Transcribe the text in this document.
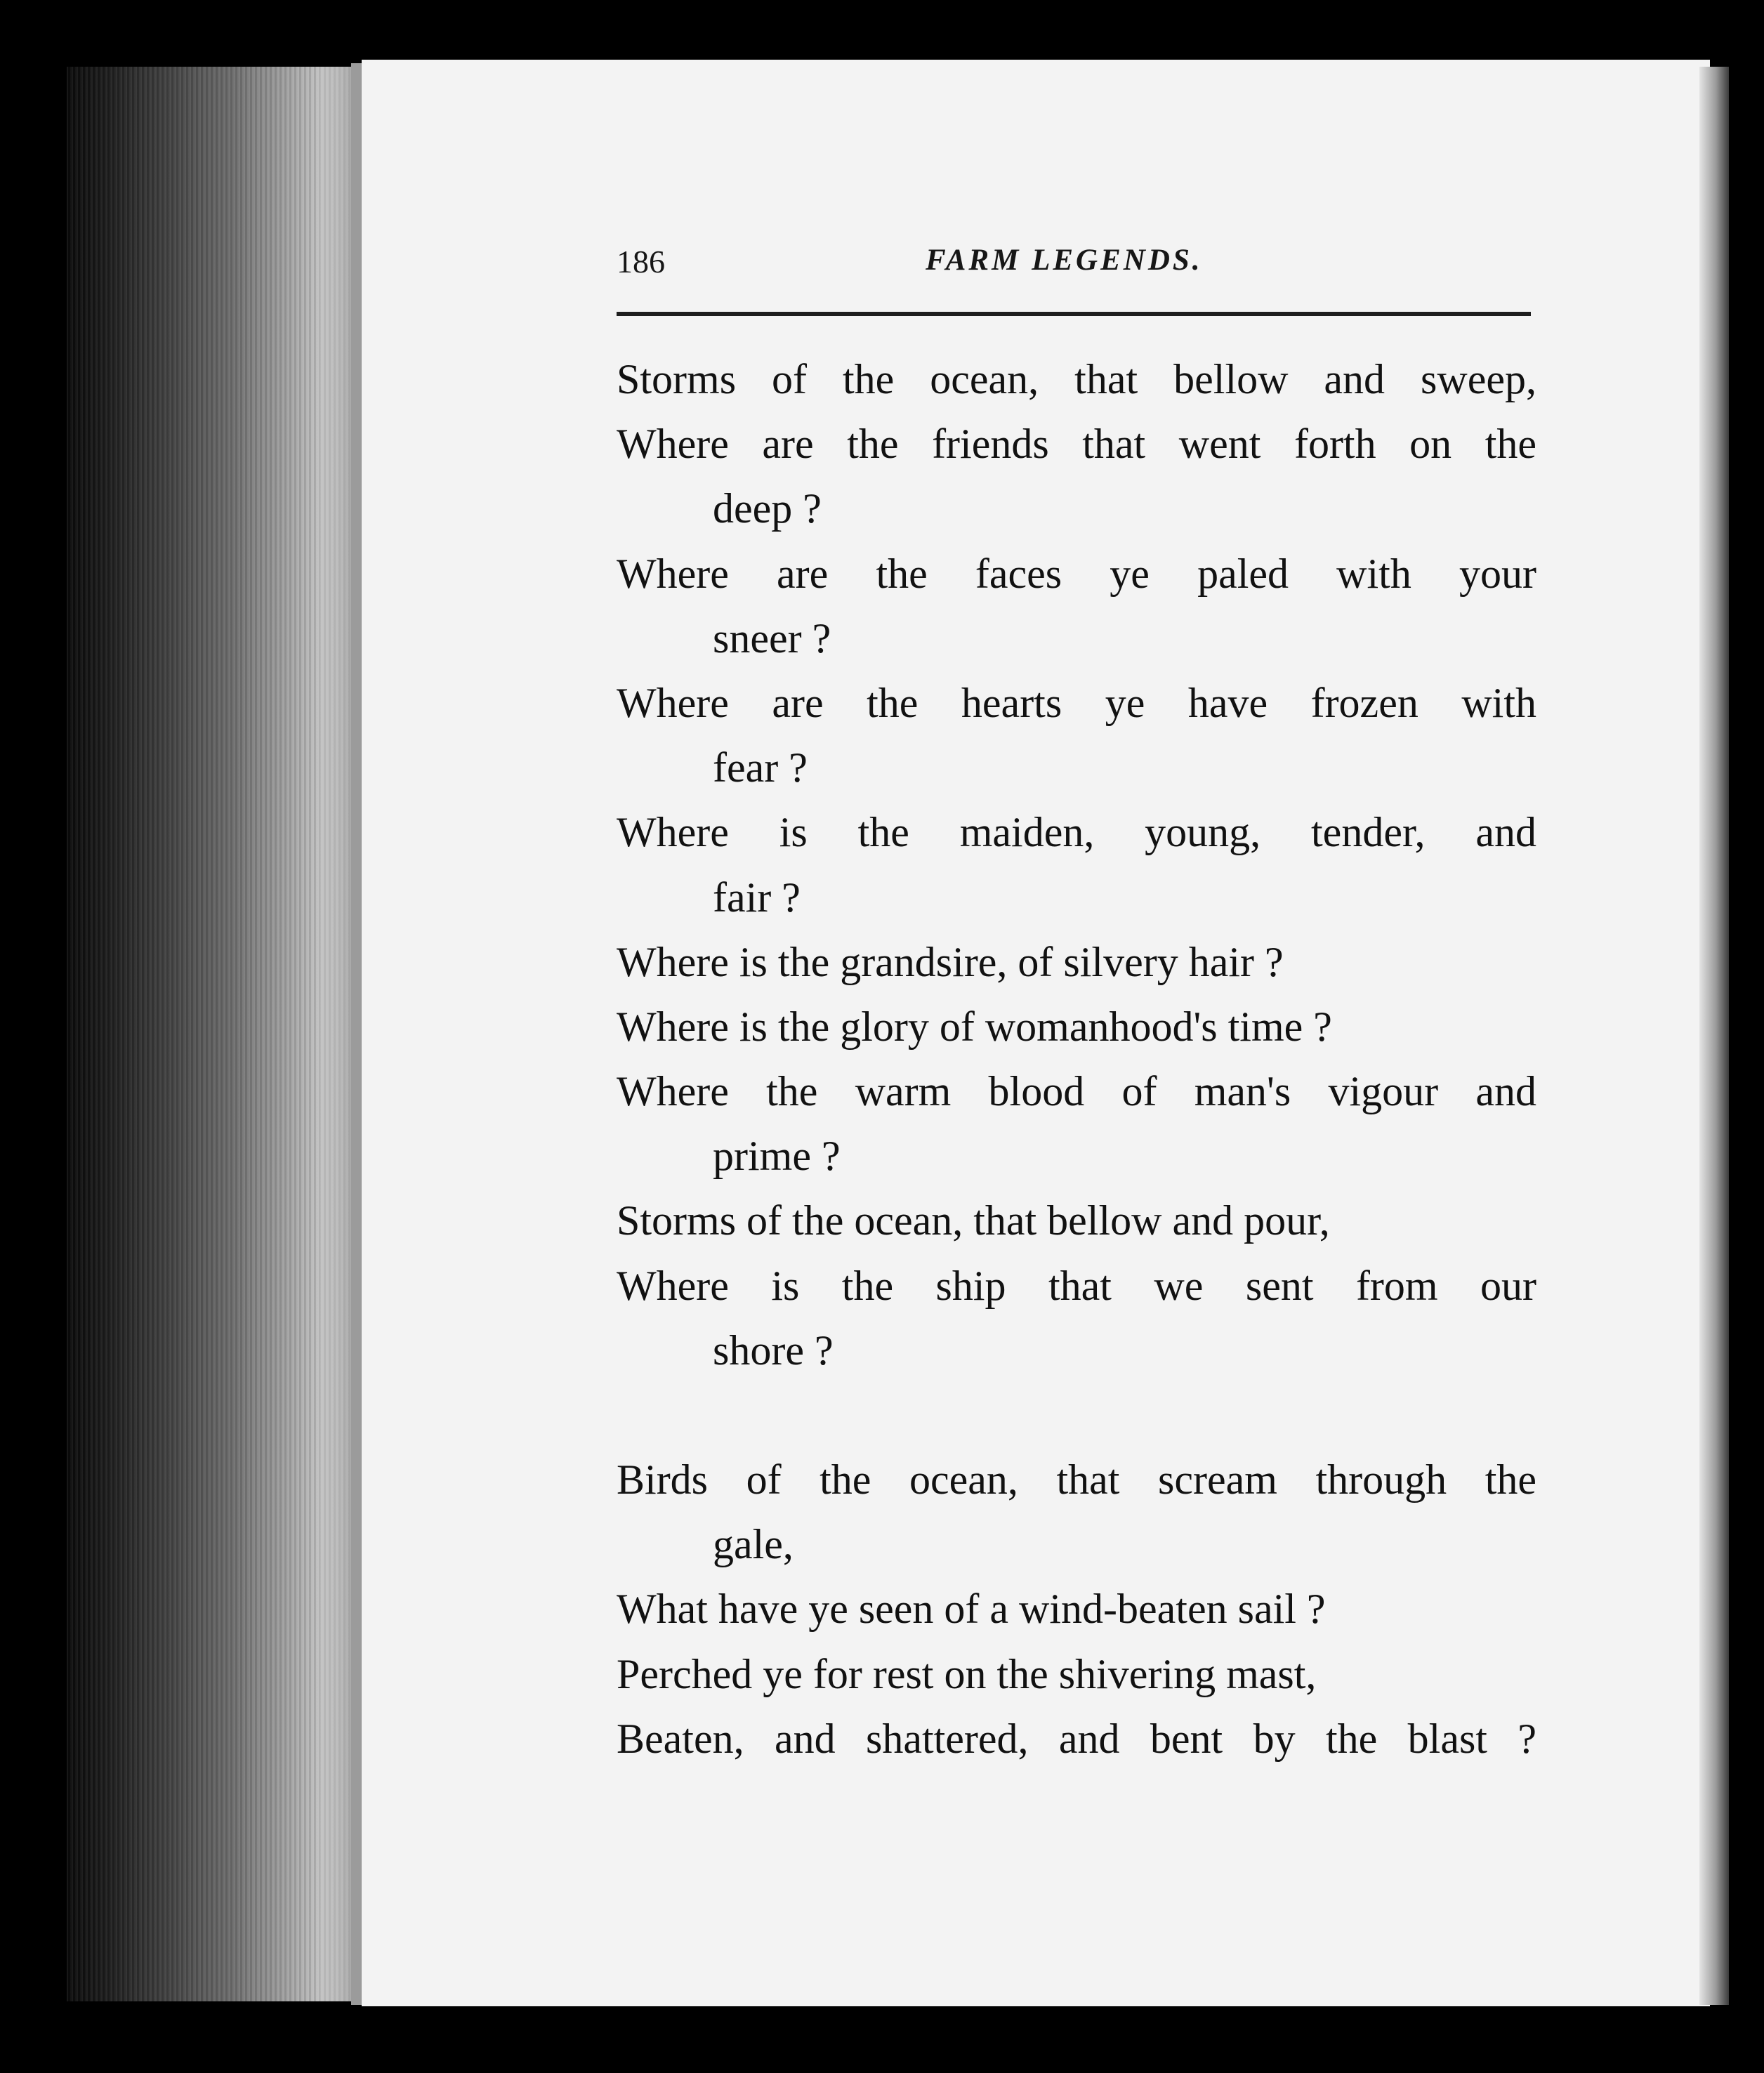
186	FARM LEGENDS.
Storms of the ocean, that bellow and sweep,
Where are the friends that went forth on the
deep ?
Where are the faces ye paled with your
sneer ?
Where are the hearts ye have frozen with
fear ?
Where is the maiden, young, tender, and
fair ?
Where is the grandsire, of silvery hair ?
Where is the glory of womanhood's time ?
Where the warm blood of man's vigour and
prime ?
Storms of the ocean, that bellow and pour,
Where is the ship that we sent from our
shore ?
Birds of the ocean, that scream through the
gale,
What have ye seen of a wind-beaten sail ?
Perched ye for rest on the shivering mast,
Beaten, and shattered, and bent by the blast ?
